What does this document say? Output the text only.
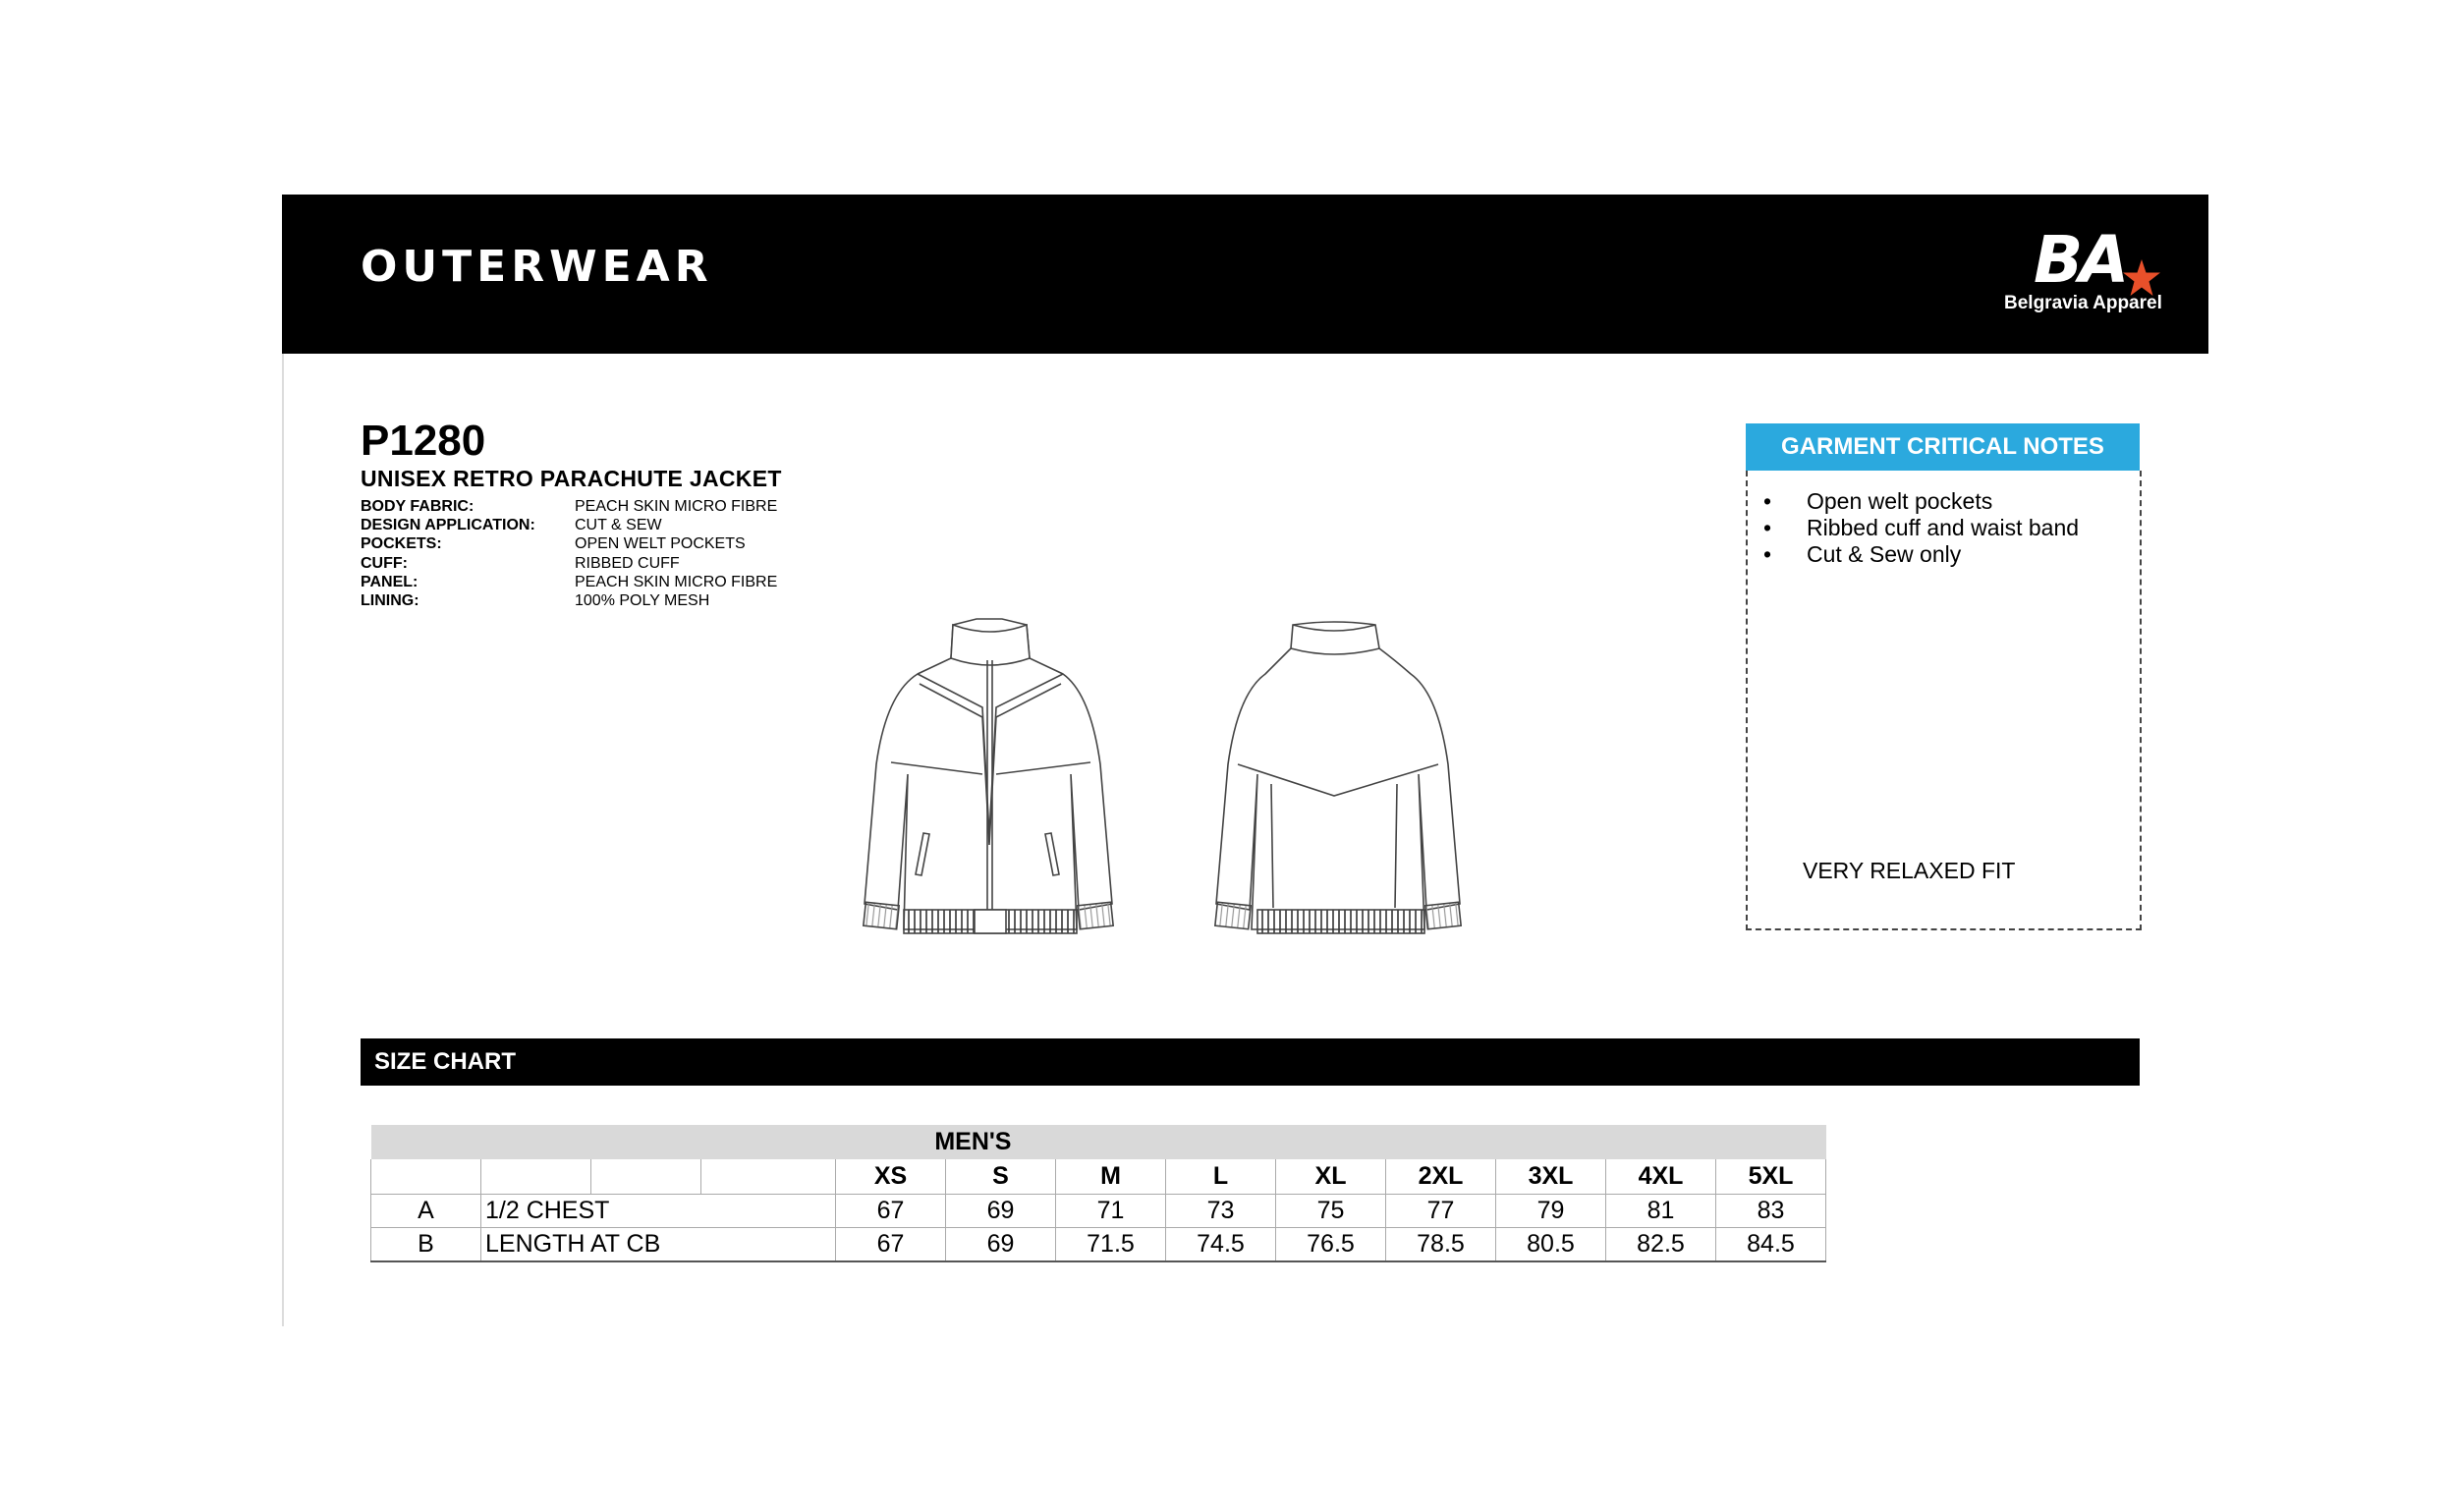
OUTERWEAR	BA
Belgravia Apparel
P1280
UNISEX RETRO PARACHUTE JACKET
BODY FABRIC:	PEACH SKIN MICRO FIBRE
DESIGN APPLICATION:	CUT & SEW
POCKETS:	OPEN WELT POCKETS
CUFF:	RIBBED CUFF
PANEL:	PEACH SKIN MICRO FIBRE
LINING:	100% POLY MESH
GARMENT CRITICAL NOTES
• Open welt pockets
• Ribbed cuff and waist band
• Cut & Sew only
VERY RELAXED FIT
SIZE CHART
MEN'S												
				XS	S	M	L	XL	2XL	3XL	4XL	5XL
A	1/2 CHEST			67	69	71	73	75	77	79	81	83
B	LENGTH AT CB			67	69	71.5	74.5	76.5	78.5	80.5	82.5	84.5
